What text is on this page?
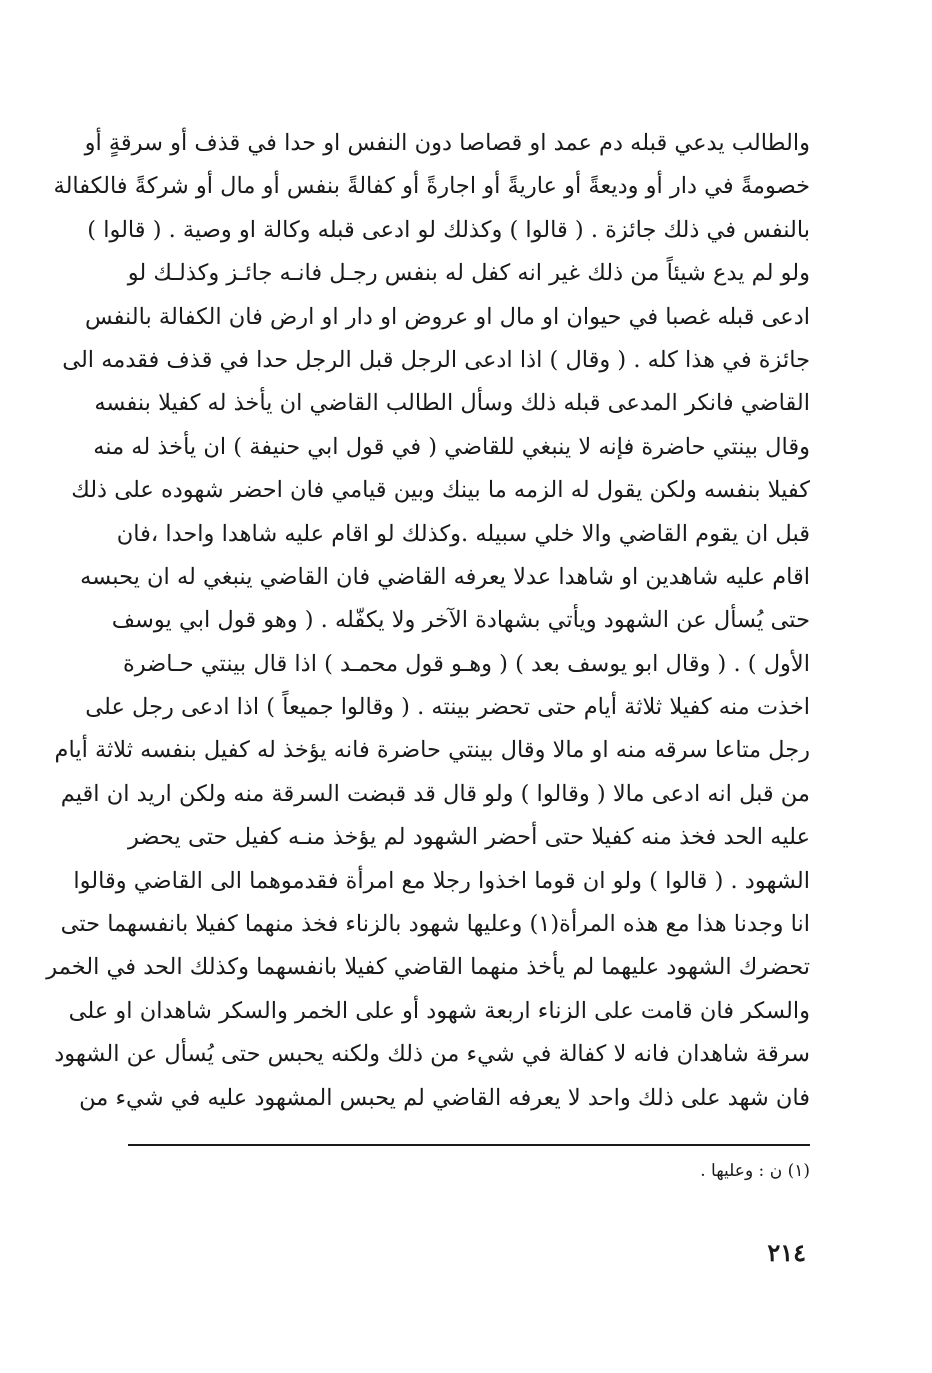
والطالب يدعي قبله دم عمد او قصاصا دون النفس او حدا في قذف أو سرقةٍ أو
خصومةً في دار أو وديعةً أو عاريةً أو اجارةً أو كفالةً بنفس أو مال أو شركةً فالكفالة
بالنفس في ذلك جائزة . ( قالوا ) وكذلك لو ادعى قبله وكالة او وصية . ( قالوا )
ولو لم يدع شيئاً من ذلك غير انه كفل له بنفس رجـل فانـه جائـز وكذلـك لو
ادعى قبله غصبا في حيوان او مال او عروض او دار او ارض فان الكفالة بالنفس
جائزة في هذا كله . ( وقال ) اذا ادعى الرجل قبل الرجل حدا في قذف فقدمه الى
القاضي فانكر المدعى قبله ذلك وسأل الطالب القاضي ان يأخذ له كفيلا بنفسه
وقال بينتي حاضرة فإنه لا ينبغي للقاضي ( في قول ابي حنيفة ) ان يأخذ له منه
كفيلا بنفسه ولكن يقول له الزمه ما بينك وبين قيامي فان احضر شهوده على ذلك
قبل ان يقوم القاضي والا خلي سبيله .وكذلك لو اقام عليه شاهدا واحدا ،فان
اقام عليه شاهدين او شاهدا عدلا يعرفه القاضي فان القاضي ينبغي له ان يحبسه
حتى يُسأل عن الشهود ويأتي بشهادة الآخر ولا يكفّله . ( وهو قول ابي يوسف
الأول ) . ( وقال ابو يوسف بعد ) ( وهـو قول محمـد ) اذا قال بينتي حـاضرة
اخذت منه كفيلا ثلاثة أيام حتى تحضر بينته . ( وقالوا جميعاً ) اذا ادعى رجل على
رجل متاعا سرقه منه او مالا وقال بينتي حاضرة فانه يؤخذ له كفيل بنفسه ثلاثة أيام
من قبل انه ادعى مالا ( وقالوا ) ولو قال قد قبضت السرقة منه ولكن اريد ان اقيم
عليه الحد فخذ منه كفيلا حتى أحضر الشهود لم يؤخذ منـه كفيل حتى يحضر
الشهود . ( قالوا ) ولو ان قوما اخذوا رجلا مع امرأة فقدموهما الى القاضي وقالوا
انا وجدنا هذا مع هذه المرأة(١) وعليها شهود بالزناء فخذ منهما كفيلا بانفسهما حتى
تحضرك الشهود عليهما لم يأخذ منهما القاضي كفيلا بانفسهما وكذلك الحد في الخمر
والسكر فان قامت على الزناء اربعة شهود أو على الخمر والسكر شاهدان او على
سرقة شاهدان فانه لا كفالة في شيء من ذلك ولكنه يحبس حتى يُسأل عن الشهود
فان شهد على ذلك واحد لا يعرفه القاضي لم يحبس المشهود عليه في شيء من
(١) ن : وعليها .
٢١٤
